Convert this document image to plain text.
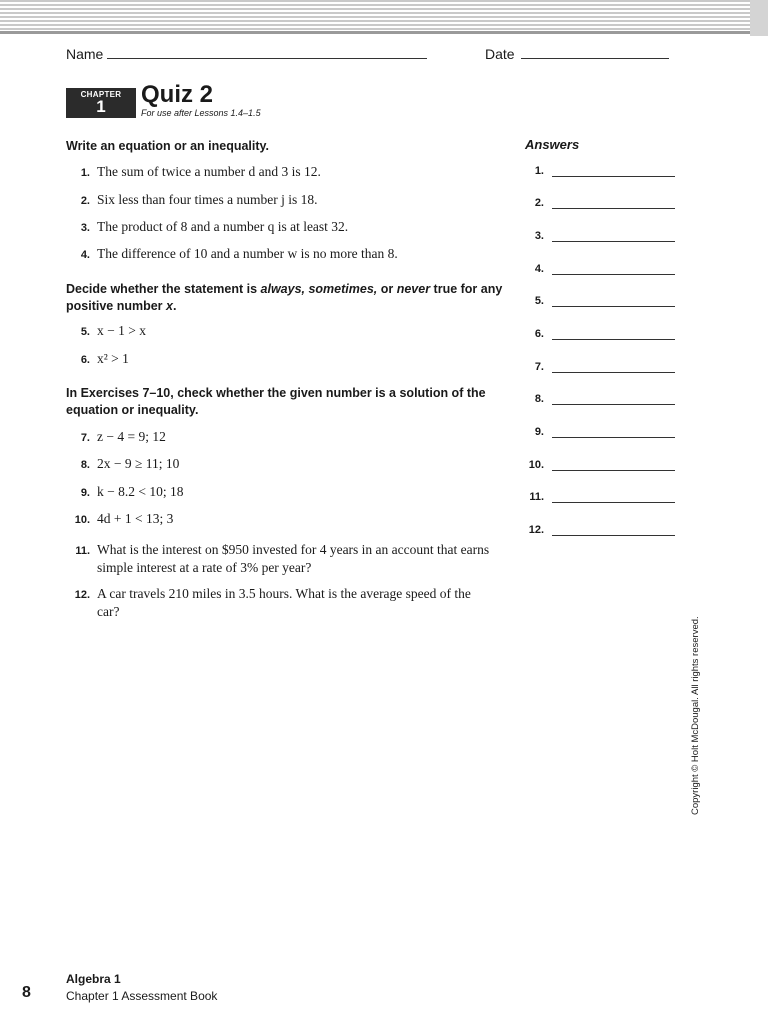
Name	Date
CHAPTER
1	Quiz 2
For use after Lessons 1.4–1.5
Write an equation or an inequality.
1. The sum of twice a number d and 3 is 12.
2. Six less than four times a number j is 18.
3. The product of 8 and a number q is at least 32.
4. The difference of 10 and a number w is no more than 8.
Decide whether the statement is always, sometimes, or never true for any positive number x.
5. x − 1 > x
6. x² > 1
In Exercises 7–10, check whether the given number is a solution of the equation or inequality.
7. z − 4 = 9; 12
8. 2x − 9 ≥ 11; 10
9. k − 8.2 < 10; 18
10. 4d + 1 < 13; 3
11. What is the interest on $950 invested for 4 years in an account that earns simple interest at a rate of 3% per year?
12. A car travels 210 miles in 3.5 hours. What is the average speed of the car?
Answers
1.
2.
3.
4.
5.
6.
7.
8.
9.
10.
11.
12.
Copyright © Holt McDougal. All rights reserved.
8
Algebra 1
Chapter 1 Assessment Book
